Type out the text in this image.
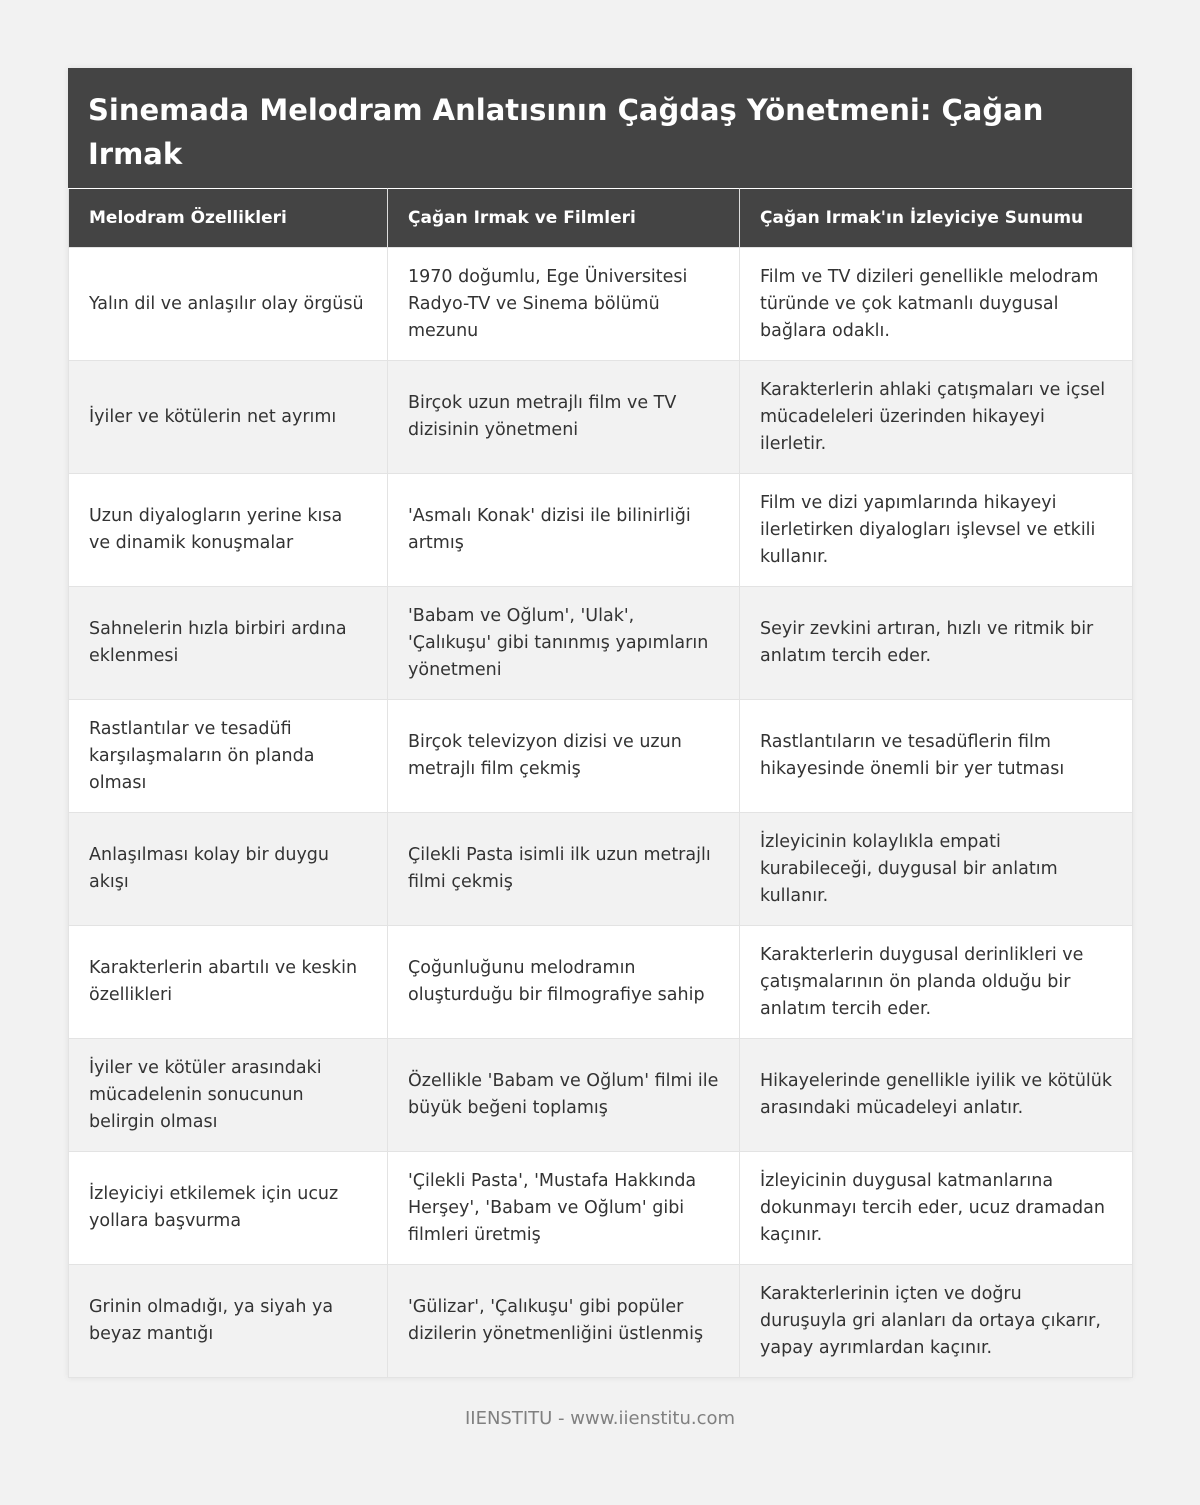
Sinemada Melodram Anlatısının Çağdaş Yönetmeni: Çağan Irmak
Melodram Özellikleri	Çağan Irmak ve Filmleri	Çağan Irmak'ın İzleyiciye Sunumu
Yalın dil ve anlaşılır olay örgüsü	1970 doğumlu, Ege Üniversitesi Radyo-TV ve Sinema bölümü mezunu	Film ve TV dizileri genellikle melodram türünde ve çok katmanlı duygusal bağlara odaklı.
İyiler ve kötülerin net ayrımı	Birçok uzun metrajlı film ve TV dizisinin yönetmeni	Karakterlerin ahlaki çatışmaları ve içsel mücadeleleri üzerinden hikayeyi ilerletir.
Uzun diyalogların yerine kısa ve dinamik konuşmalar	'Asmalı Konak' dizisi ile bilinirliği artmış	Film ve dizi yapımlarında hikayeyi ilerletirken diyalogları işlevsel ve etkili kullanır.
Sahnelerin hızla birbiri ardına eklenmesi	'Babam ve Oğlum', 'Ulak', 'Çalıkuşu' gibi tanınmış yapımların yönetmeni	Seyir zevkini artıran, hızlı ve ritmik bir anlatım tercih eder.
Rastlantılar ve tesadüfi karşılaşmaların ön planda olması	Birçok televizyon dizisi ve uzun metrajlı film çekmiş	Rastlantıların ve tesadüflerin film hikayesinde önemli bir yer tutması
Anlaşılması kolay bir duygu akışı	Çilekli Pasta isimli ilk uzun metrajlı filmi çekmiş	İzleyicinin kolaylıkla empati kurabileceği, duygusal bir anlatım kullanır.
Karakterlerin abartılı ve keskin özellikleri	Çoğunluğunu melodramın oluşturduğu bir filmografiye sahip	Karakterlerin duygusal derinlikleri ve çatışmalarının ön planda olduğu bir anlatım tercih eder.
İyiler ve kötüler arasındaki mücadelenin sonucunun belirgin olması	Özellikle 'Babam ve Oğlum' filmi ile büyük beğeni toplamış	Hikayelerinde genellikle iyilik ve kötülük arasındaki mücadeleyi anlatır.
İzleyiciyi etkilemek için ucuz yollara başvurma	'Çilekli Pasta', 'Mustafa Hakkında Herşey', 'Babam ve Oğlum' gibi filmleri üretmiş	İzleyicinin duygusal katmanlarına dokunmayı tercih eder, ucuz dramadan kaçınır.
Grinin olmadığı, ya siyah ya beyaz mantığı	'Gülizar', 'Çalıkuşu' gibi popüler dizilerin yönetmenliğini üstlenmiş	Karakterlerinin içten ve doğru duruşuyla gri alanları da ortaya çıkarır, yapay ayrımlardan kaçınır.
IIENSTITU - www.iienstitu.com
